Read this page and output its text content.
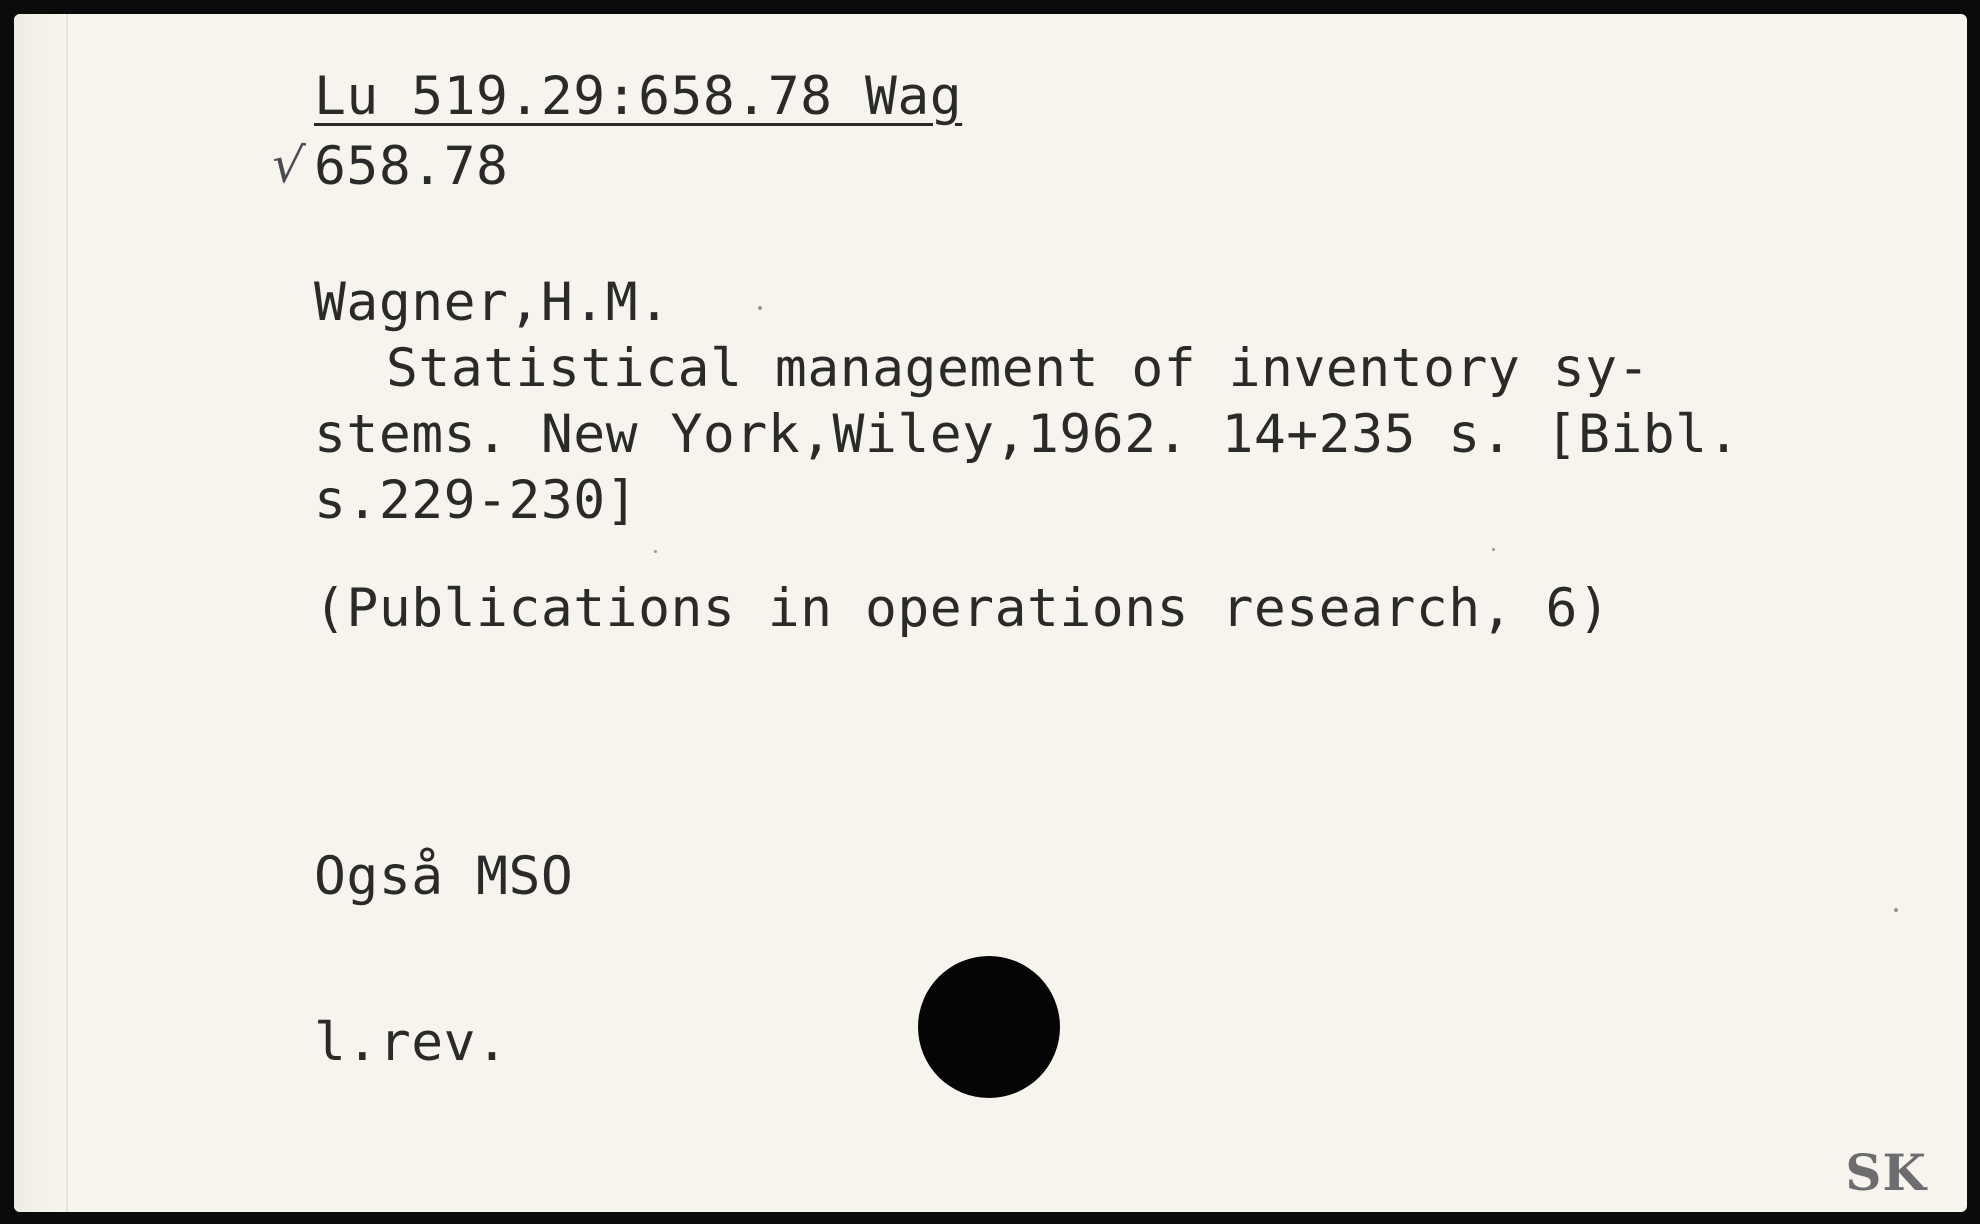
Lu 519.29:658.78 Wag
√ 658.78
Wagner,H.M.
Statistical management of inventory sy-
stems. New York,Wiley,1962. 14+235 s. [Bibl.
s.229-230]
(Publications in operations research, 6)
Også MSO
l.rev.
SK
